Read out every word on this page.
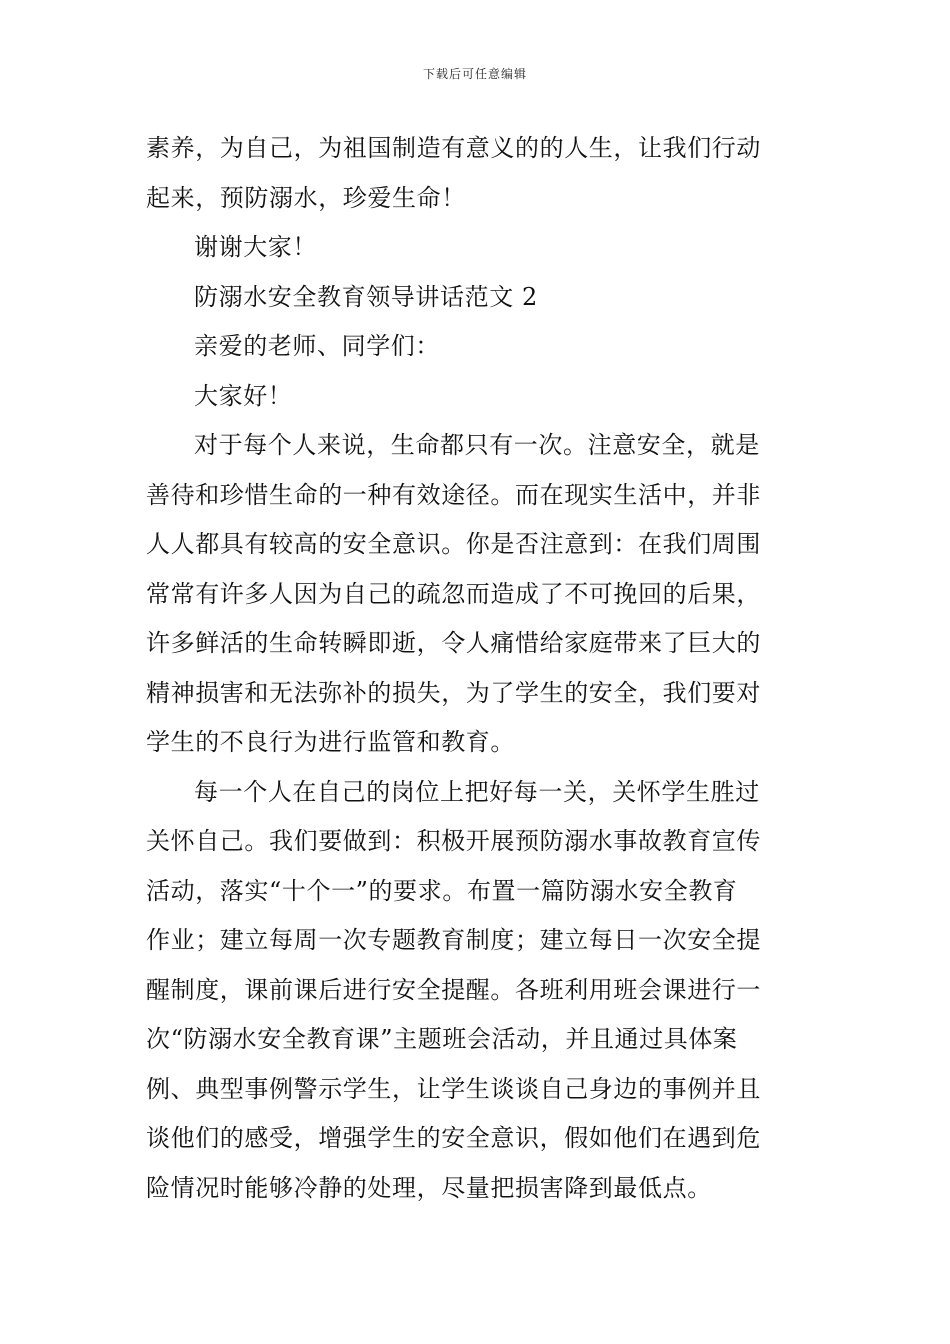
下载后可任意编辑
素养，为自己，为祖国制造有意义的的人生，让我们行动
起来，预防溺水，珍爱生命！
谢谢大家！
防溺水安全教育领导讲话范文 2
亲爱的老师、同学们：
大家好！
对于每个人来说，生命都只有一次。注意安全，就是
善待和珍惜生命的一种有效途径。而在现实生活中，并非
人人都具有较高的安全意识。你是否注意到：在我们周围
常常有许多人因为自己的疏忽而造成了不可挽回的后果，
许多鲜活的生命转瞬即逝，令人痛惜给家庭带来了巨大的
精神损害和无法弥补的损失，为了学生的安全，我们要对
学生的不良行为进行监管和教育。
每一个人在自己的岗位上把好每一关，关怀学生胜过
关怀自己。我们要做到：积极开展预防溺水事故教育宣传
活动，落实“十个一”的要求。布置一篇防溺水安全教育
作业；建立每周一次专题教育制度；建立每日一次安全提
醒制度，课前课后进行安全提醒。各班利用班会课进行一
次“防溺水安全教育课”主题班会活动，并且通过具体案
例、典型事例警示学生，让学生谈谈自己身边的事例并且
谈他们的感受，增强学生的安全意识，假如他们在遇到危
险情况时能够冷静的处理，尽量把损害降到最低点。
